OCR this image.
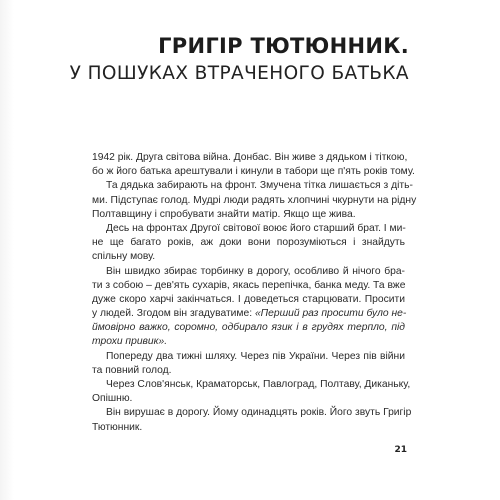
ГРИГІР ТЮТЮННИК.
У ПОШУКАХ ВТРАЧЕНОГО БАТЬКА
1942 рік. Друга світова війна. Донбас. Він живе з дядьком і тіткою,
бо ж його батька арештували і кинули в табори ще п'ять років тому.
Та дядька забирають на фронт. Змучена тітка лишається з діть-
ми. Підступає голод. Мудрі люди радять хлопчині чкурнути на рідну
Полтавщину і спробувати знайти матір. Якщо ще жива.
Десь на фронтах Другої світової воює його старший брат. І ми-
не ще багато років, аж доки вони порозуміються і знайдуть
спільну мову.
Він швидко збирає торбинку в дорогу, особливо й нічого бра-
ти з собою – дев'ять сухарів, якась перепічка, банка меду. Та вже
дуже скоро харчі закінчаться. І доведеться старцювати. Просити
у людей. Згодом він згадуватиме: «Перший раз просити було не-
ймовірно важко, соромно, одбирало язик і в грудях терпло, під
трохи привик».
Попереду два тижні шляху. Через пів України. Через пів війни
та повний голод.
Через Слов'янськ, Краматорськ, Павлоград, Полтаву, Диканьку,
Опішню.
Він вирушає в дорогу. Йому одинадцять років. Його звуть Григір
Тютюнник.
21
